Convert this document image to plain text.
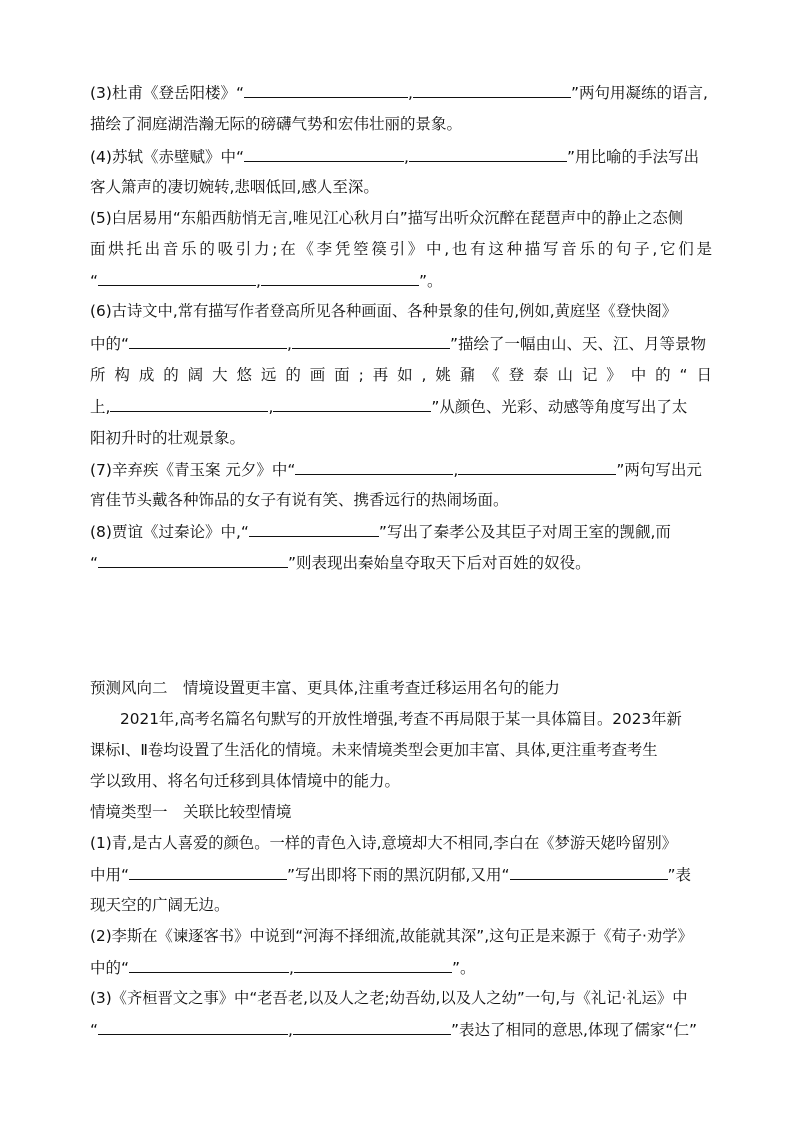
(3)杜甫《登岳阳楼》“	,	”两句用凝练的语言,
描绘了洞庭湖浩瀚无际的磅礴气势和宏伟壮丽的景象。
(4)苏轼《赤壁赋》中“	,	”用比喻的手法写出
客人箫声的凄切婉转,悲咽低回,感人至深。
(5)白居易用“东船西舫悄无言,唯见江心秋月白”描写出听众沉醉在琵琶声中的静止之态侧
面烘托出音乐的吸引力;在《李凭箜篌引》中,也有这种描写音乐的句子,它们是
“	,	”。
(6)古诗文中,常有描写作者登高所见各种画面、各种景象的佳句,例如,黄庭坚《登快阁》
中的“	,	”描绘了一幅由山、天、江、月等景物
所构成的阔大悠远的画面;再如,姚鼐《登泰山记》中的“日
上,	,	”从颜色、光彩、动感等角度写出了太
阳初升时的壮观景象。
(7)辛弃疾《青玉案 元夕》中“	,	”两句写出元
宵佳节头戴各种饰品的女子有说有笑、携香远行的热闹场面。
(8)贾谊《过秦论》中,“	”写出了秦孝公及其臣子对周王室的觊觎,而
“	”则表现出秦始皇夺取天下后对百姓的奴役。
预测风向二　情境设置更丰富、更具体,注重考查迁移运用名句的能力
2021年,高考名篇名句默写的开放性增强,考查不再局限于某一具体篇目。2023年新
课标Ⅰ、Ⅱ卷均设置了生活化的情境。未来情境类型会更加丰富、具体,更注重考查考生
学以致用、将名句迁移到具体情境中的能力。
情境类型一　关联比较型情境
(1)青,是古人喜爱的颜色。一样的青色入诗,意境却大不相同,李白在《梦游天姥吟留别》
中用“	”写出即将下雨的黑沉阴郁,又用“	”表
现天空的广阔无边。
(2)李斯在《谏逐客书》中说到“河海不择细流,故能就其深”,这句正是来源于《荀子·劝学》
中的“	,	”。
(3)《齐桓晋文之事》中“老吾老,以及人之老;幼吾幼,以及人之幼”一句,与《礼记·礼运》中
“	,	”表达了相同的意思,体现了儒家“仁”
